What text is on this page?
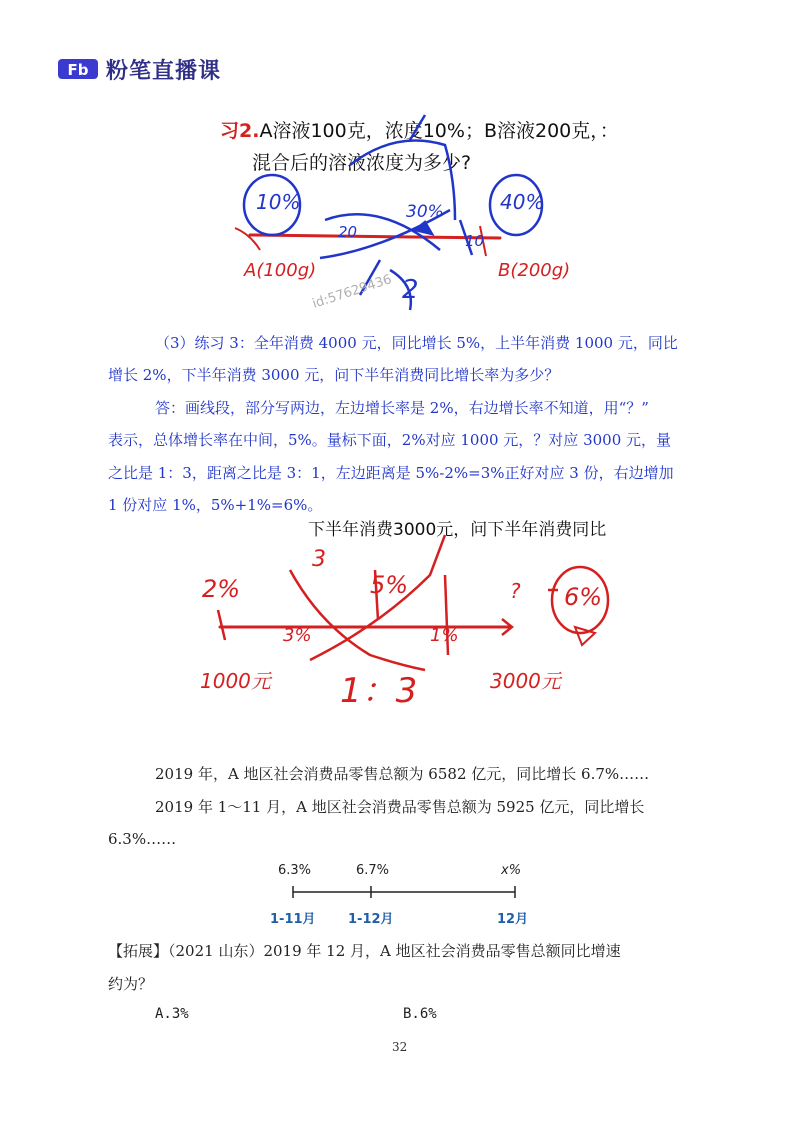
Fb 粉笔直播课
习2.A溶液100克，浓度10%；B溶液200克，：
混合后的溶液浓度为多少?
id:57629436
10%	40%
30%
20	10
2
A(100g)	B(200g)
（3）练习 3：全年消费 4000 元，同比增长 5%，上半年消费 1000 元，同比
增长 2%，下半年消费 3000 元，问下半年消费同比增长率为多少？
答：画线段，部分写两边，左边增长率是 2%，右边增长率不知道，用“？”
表示，总体增长率在中间，5%。量标下面，2%对应 1000 元，？对应 3000 元，量
之比是 1：3，距离之比是 3：1，左边距离是 5%-2%=3%正好对应 3 份，右边增加
1 份对应 1%，5%+1%=6%。
下半年消费3000元，问下半年消费同比
2%	6%
5%
3
?
3%	1%
1000元	3000元
1：3
2019 年，A 地区社会消费品零售总额为 6582 亿元，同比增长 6.7%……
2019 年 1～11 月，A 地区社会消费品零售总额为 5925 亿元，同比增长
6.3%……
6.3%	6.7%	x%
1-11月 1-12月	12月
【拓展】（2021 山东）2019 年 12 月，A 地区社会消费品零售总额同比增速
约为？
A.3%	B.6%
32
